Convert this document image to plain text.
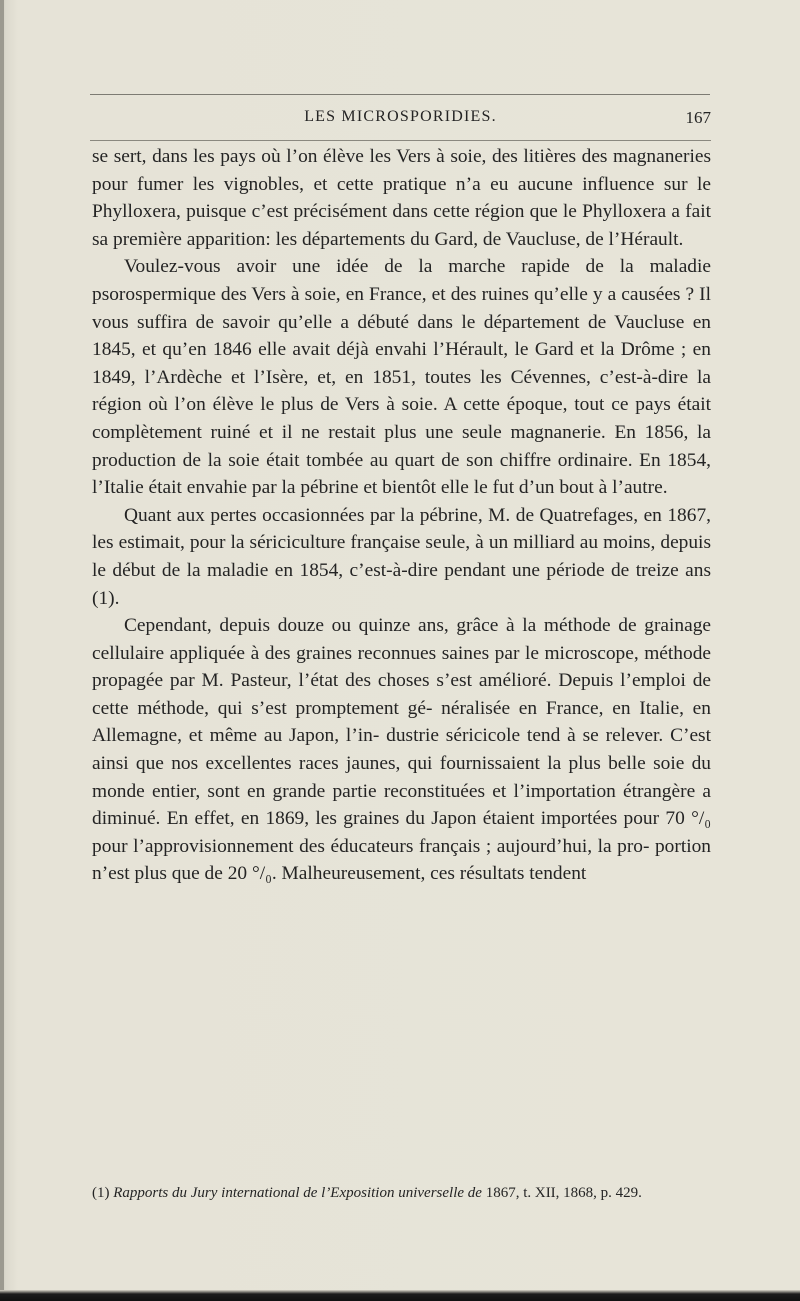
LES MICROSPORIDIES.	167

se sert, dans les pays où l’on élève les Vers à soie, des litières des magnaneries pour fumer les vignobles, et cette pratique n’a eu aucune influence sur le Phylloxera, puisque c’est précisément dans cette région que le Phylloxera a fait sa première apparition: les départements du Gard, de Vaucluse, de l’Hérault.

Voulez-vous avoir une idée de la marche rapide de la maladie psorospermique des Vers à soie, en France, et des ruines qu’elle y a causées ? Il vous suffira de savoir qu’elle a débuté dans le département de Vaucluse en 1845, et qu’en 1846 elle avait déjà envahi l’Hérault, le Gard et la Drôme ; en 1849, l’Ardèche et l’Isère, et, en 1851, toutes les Cévennes, c’est-à-dire la région où l’on élève le plus de Vers à soie. A cette époque, tout ce pays était complètement ruiné et il ne restait plus une seule magnanerie. En 1856, la production de la soie était tombée au quart de son chiffre ordinaire. En 1854, l’Italie était envahie par la pébrine et bientôt elle le fut d’un bout à l’autre.

Quant aux pertes occasionnées par la pébrine, M. de Quatrefages, en 1867, les estimait, pour la sériciculture française seule, à un milliard au moins, depuis le début de la maladie en 1854, c’est-à-dire pendant une période de treize ans (1).

Cependant, depuis douze ou quinze ans, grâce à la méthode de grainage cellulaire appliquée à des graines reconnues saines par le microscope, méthode propagée par M. Pasteur, l’état des choses s’est amélioré. Depuis l’emploi de cette méthode, qui s’est promptement gé- néralisée en France, en Italie, en Allemagne, et même au Japon, l’in- dustrie séricicole tend à se relever. C’est ainsi que nos excellentes races jaunes, qui fournissaient la plus belle soie du monde entier, sont en grande partie reconstituées et l’importation étrangère a diminué. En effet, en 1869, les graines du Japon étaient importées pour 70 °/₀ pour l’approvisionnement des éducateurs français ; aujourd’hui, la pro- portion n’est plus que de 20 °/₀. Malheureusement, ces résultats tendent

(1) Rapports du Jury international de l’Exposition universelle de 1867, t. XII, 1868, p. 429.
